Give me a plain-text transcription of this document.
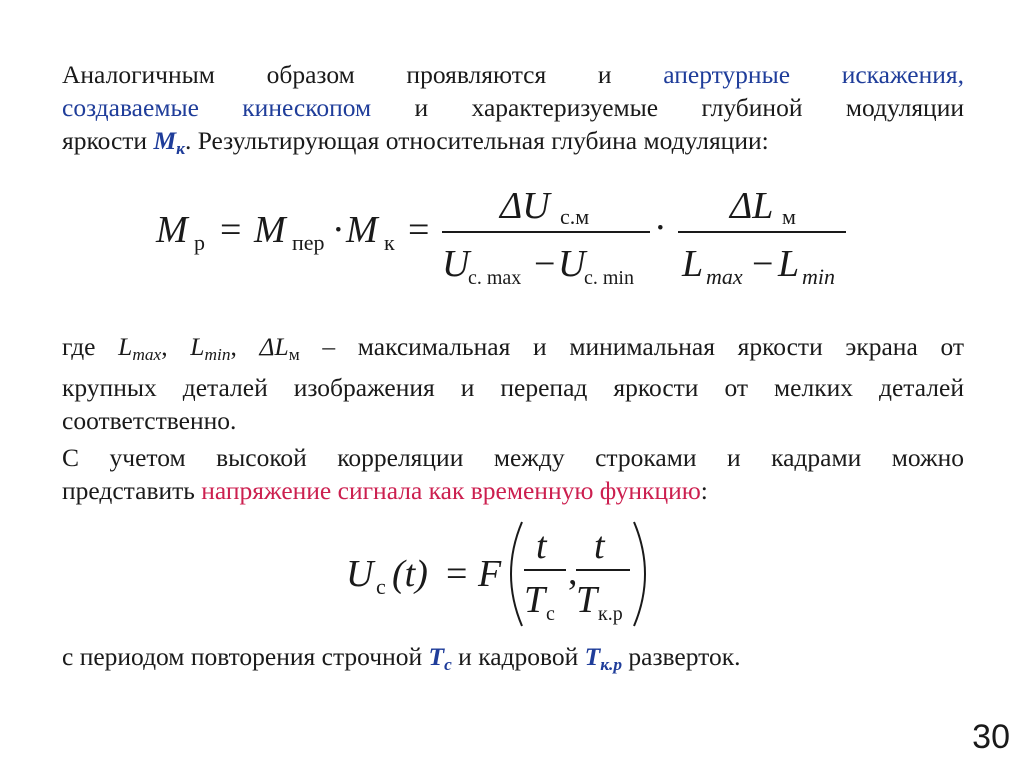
Аналогичным образом проявляются и апертурные искажения,
создаваемые кинескопом и характеризуемые глубиной модуляции
яркости $M_к$. Результирующая относительная глубина модуляции:
M р = M пер · M к =
ΔU с.м
U
с. max − U
с. min
·
ΔL м
L max − L min
где $L_{max}$, $L_{min}$, $\Delta L_м$ – максимальная и минимальная яркости экрана от
крупных деталей изображения и перепад яркости от мелких деталей
соответственно.
С учетом высокой корреляции между строками и кадрами можно
представить напряжение сигнала как временную функцию:
U с (t) = F
t
T с
,
t
T к.р
с периодом повторения строчной $T_с$ и кадровой $T_{к.р}$ разверток.
30
